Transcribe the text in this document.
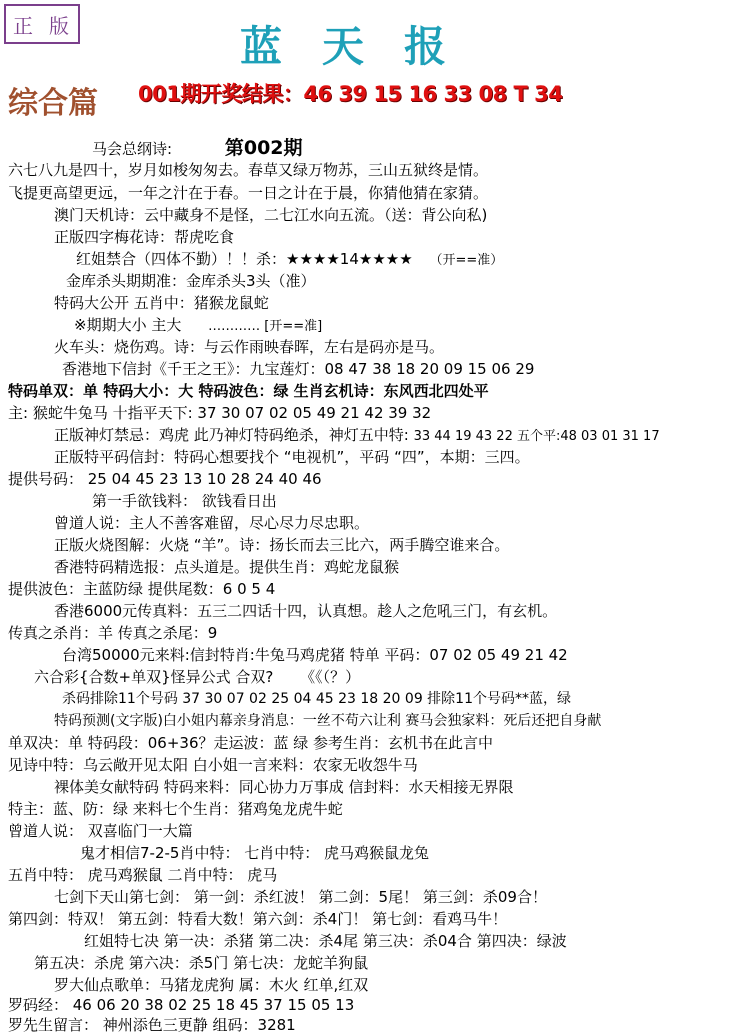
正 版	蓝天报
综合篇 001期开奖结果：46 39 15 16 33 08 T 34
马会总纲诗:	第002期
六七八九是四十，岁月如梭匆匆去。春草又绿万物苏，三山五狱终是情。
飞提更高望更远，一年之汁在于春。一日之计在于晨，你猜他猜在家猜。
澳门天机诗：云中藏身不是怪，二七江水向五流。（送：背公向私)
正版四字梅花诗：帮虎吃食
红姐禁合（四体不勤）！！杀：★★★★14★★★★ （开==准）
金库杀头期期准：金库杀头3头（准）
特码大公开 五肖中：猪猴龙鼠蛇
※期期大小 主大 ………… [开==准]
火车头：烧伤鸡。诗：与云作雨映春晖，左右是码亦是马。
香港地下信封《千王之王》：九宝莲灯：08 47 38 18 20 09 15 06 29
特码单双：单 特码大小：大 特码波色：绿 生肖玄机诗：东风西北四处平
主: 猴蛇牛兔马 十指平天下: 37 30 07 02 05 49 21 42 39 32
正版神灯禁忌：鸡虎 此乃神灯特码绝杀，神灯五中特: 33 44 19 43 22 五个平:48 03 01 31 17
正版特平码信封：特码心想要找个 “电视机”，平码 “四”，本期：三四。
提供号码： 25 04 45 23 13 10 28 24 40 46
第一手欲钱料： 欲钱看日出
曾道人说：主人不善客难留，尽心尽力尽忠职。
正版火烧图解：火烧 “羊”。诗：扬长而去三比六，两手腾空谁来合。
香港特码精选报：点头道是。提供生肖：鸡蛇龙鼠猴
提供波色：主蓝防绿 提供尾数：6 0 5 4
香港6000元传真料：五三二四话十四，认真想。趁人之危吼三门，有玄机。
传真之杀肖：羊 传真之杀尾：9
台湾50000元来料:信封特肖:牛兔马鸡虎猪 特单 平码：07 02 05 49 21 42
六合彩{合数+单双}怪异公式 合双? 《《（？）
杀码排除11个号码 37 30 07 02 25 04 45 23 18 20 09 排除11个号码**蓝，绿
特码预测(文字版)白小姐内幕亲身消息：一丝不苟六让利 赛马会独家料：死后还把自身献
单双决：单 特码段：06+36？走运波：蓝 绿 参考生肖：玄机书在此言中
见诗中特：乌云敞开见太阳 白小姐一言来料：农家无收怨牛马
裸体美女献特码 特码来料：同心协力万事成 信封料：水天相接无界限
特主：蓝、防：绿 来料七个生肖：猪鸡兔龙虎牛蛇
曾道人说： 双喜临门一大篇
鬼才相信7-2-5肖中特： 七肖中特： 虎马鸡猴鼠龙兔
五肖中特： 虎马鸡猴鼠 二肖中特： 虎马
七剑下天山第七剑： 第一剑：杀红波！ 第二剑：5尾！ 第三剑：杀09合！
第四剑：特双！ 第五剑：特看大数！第六剑：杀4门！ 第七剑：看鸡马牛！
红姐特七决 第一决：杀猪 第二决：杀4尾 第三决：杀04合 第四决：绿波
第五决：杀虎 第六决：杀5门 第七决：龙蛇羊狗鼠
罗大仙点歌单：马猪龙虎狗 属：木火 红单,红双
罗码经： 46 06 20 38 02 25 18 45 37 15 05 13
罗先生留言： 神州添色三更静 组码：3281
